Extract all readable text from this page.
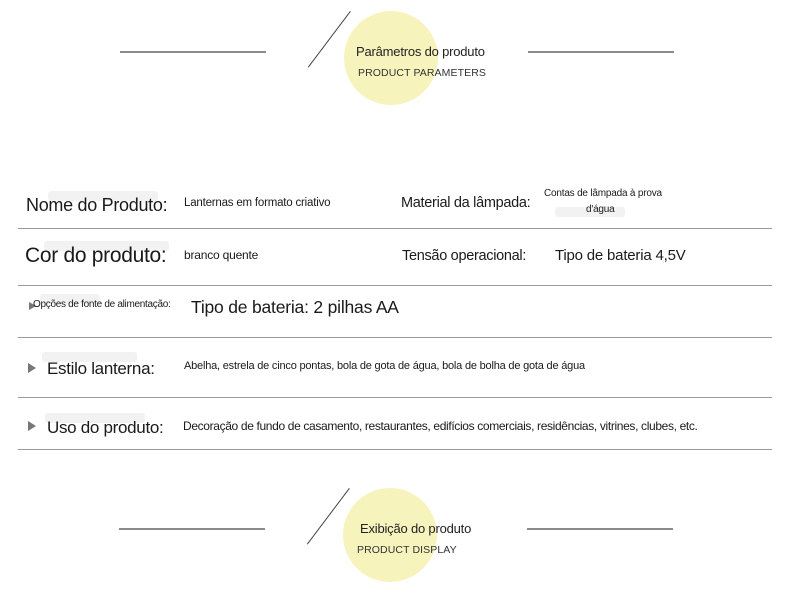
Parâmetros do produto
PRODUCT PARAMETERS
Nome do Produto: Lanternas em formato criativo	Material da lâmpada:
Contas de lâmpada à prova
d'água
Cor do produto: branco quente	Tensão operacional: Tipo de bateria 4,5V
Opções de fonte de alimentação: Tipo de bateria: 2 pilhas AA
Estilo lanterna:	Abelha, estrela de cinco pontas, bola de gota de água, bola de bolha de gota de água
Uso do produto: Decoração de fundo de casamento, restaurantes, edifícios comerciais, residências, vitrines, clubes, etc.
Exibição do produto
PRODUCT DISPLAY
